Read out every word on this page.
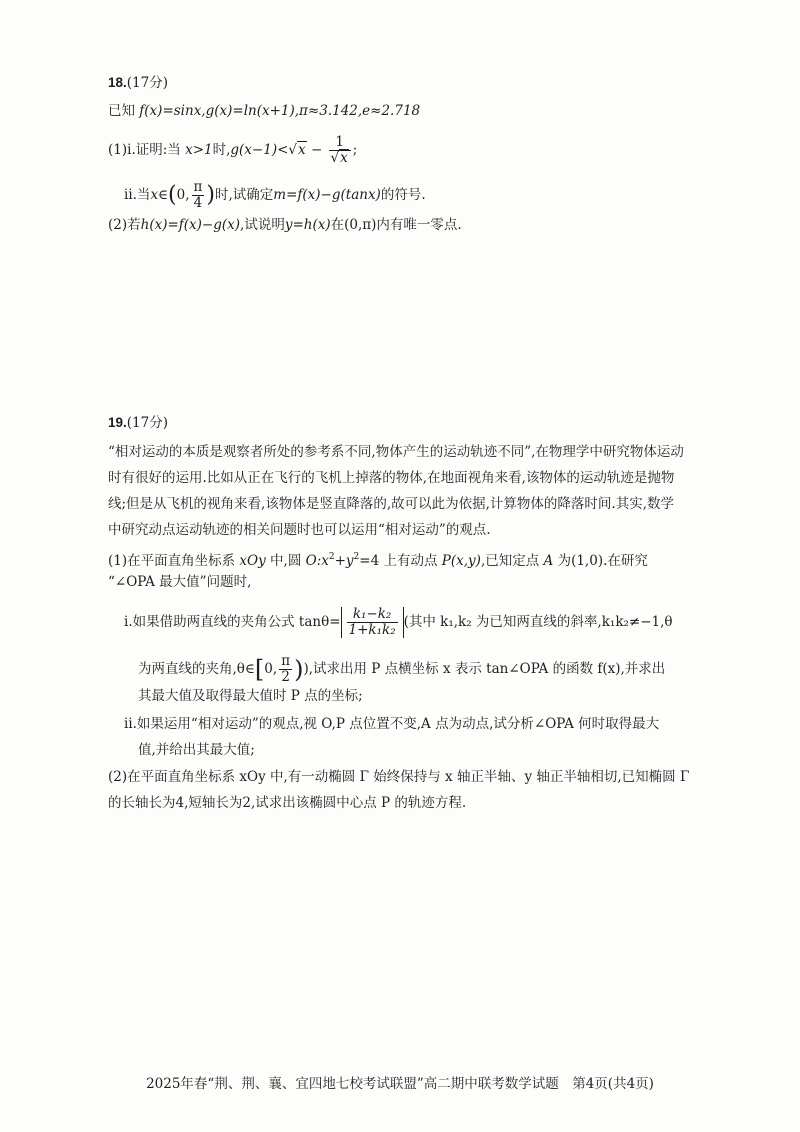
18.(17分)
已知 f(x)=sinx,g(x)=ln(x+1),π≈3.142,e≈2.718
(1)ⅰ.证明:当 x>1时$,g(x-1)<√x - \frac{1}{√x}$ ;
ⅱ.当x∈(0, $\frac{\pi}{4}$ )时,试确定m=f(x)−g(tanx)的符号.
(2)若h(x)=f(x)−g(x),试说明y=h(x)在(0,π)内有唯一零点.
19.(17分)
“相对运动的本质是观察者所处的参考系不同,物体产生的运动轨迹不同”,在物理学中研究物体运动
时有很好的运用.比如从正在飞行的飞机上掉落的物体,在地面视角来看,该物体的运动轨迹是抛物
线;但是从飞机的视角来看,该物体是竖直降落的,故可以此为依据,计算物体的降落时间.其实,数学
中研究动点运动轨迹的相关问题时也可以运用“相对运动”的观点.
(1)在平面直角坐标系 xOy 中,圆 $O:x^2+y^2=4$ 上有动点 P(x,y),已知定点 A 为(1,0).在研究
“∠OPA 最大值”问题时,
ⅰ.如果借助两直线的夹角公式 $\tan\theta= \frac{\text{k₁−k₂}}{\text{1+k₁k₂}}$ (其中 k₁,k₂ 为已知两直线的斜率,k₁k₂≠−1,θ
为两直线的夹角,θ∈[0, $\frac{\pi}{2}$ )),试求出用 P 点横坐标 x 表示 tan∠OPA 的函数 f(x),并求出
其最大值及取得最大值时 P 点的坐标;
ⅱ.如果运用“相对运动”的观点,视 O,P 点位置不变,A 点为动点,试分析∠OPA 何时取得最大
值,并给出其最大值;
(2)在平面直角坐标系 xOy 中,有一动椭圆 Γ 始终保持与 x 轴正半轴、y 轴正半轴相切,已知椭圆 Γ
的长轴长为4,短轴长为2,试求出该椭圆中心点 P 的轨迹方程.
2025年春“荆、荆、襄、宜四地七校考试联盟”高二期中联考数学试题　第4页(共4页)
